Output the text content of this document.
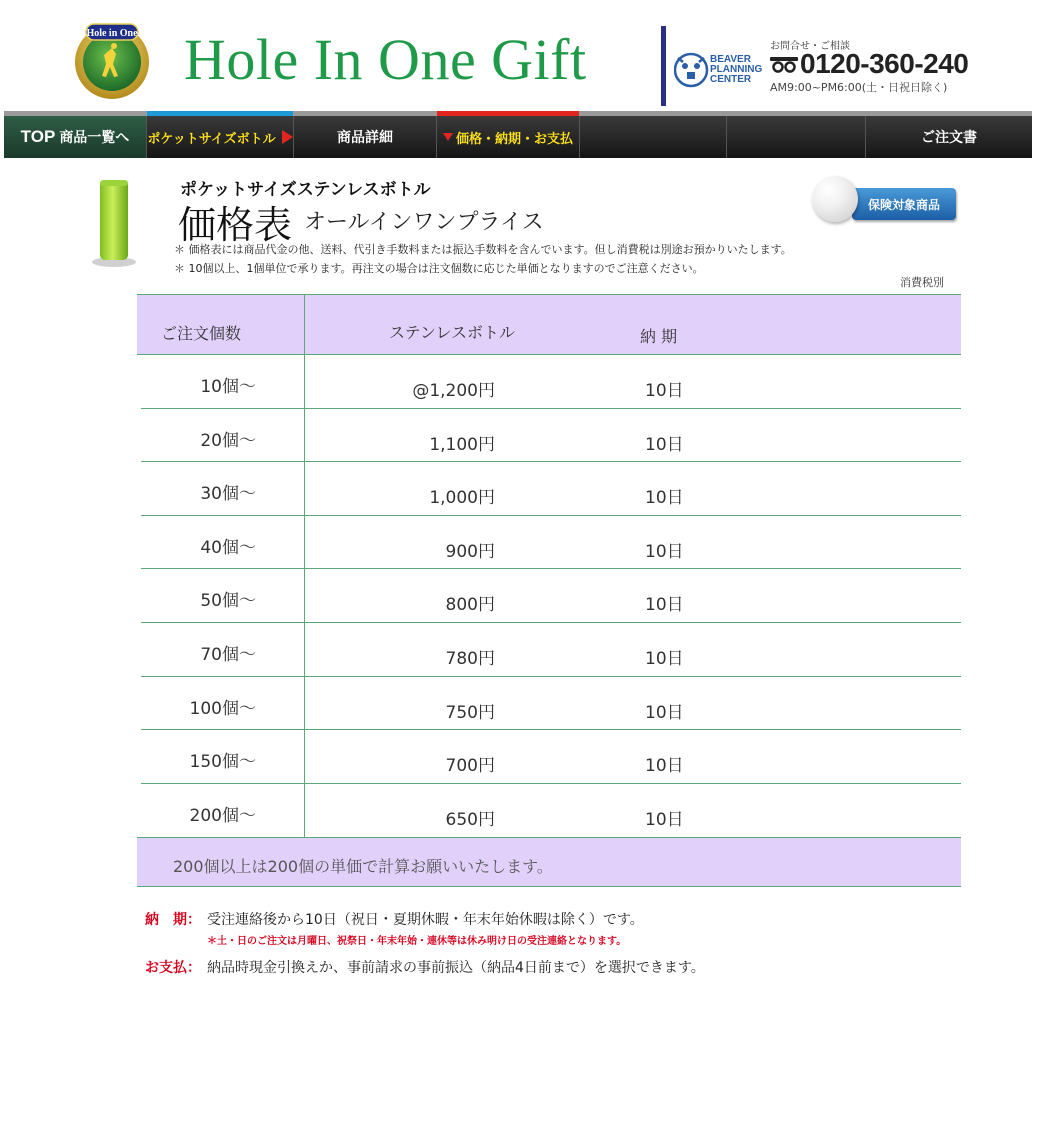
Hole in One Hole In One Gift	BEAVER
PLANNING
CENTER
お問合せ・ご相談
0120-360-240
AM9:00~PM6:00(土・日祝日除く)
TOP 商品一覧へ ポケットサイズボトル	商品詳細	価格・納期・お支払	ご注文書
ポケットサイズステンレスボトル
価格表 オールインワンプライス
保険対象商品
＊ 価格表には商品代金の他、送料、代引き手数料または振込手数料を含んでいます。但し消費税は別途お預かりいたします。
＊ 10個以上、1個単位で承ります。再注文の場合は注文個数に応じた単価となりますのでご注意ください。
消費税別
ご注文個数	ステンレスボトル	納 期
10個〜	@1,200円	10日
20個〜	1,100円	10日
30個〜	1,000円	10日
40個〜	900円	10日
50個〜	800円	10日
70個〜	780円	10日
100個〜	750円	10日
150個〜	700円	10日
200個〜	650円	10日
200個以上は200個の単価で計算お願いいたします。
納　期： 受注連絡後から10日（祝日・夏期休暇・年末年始休暇は除く）です。
＊土・日のご注文は月曜日、祝祭日・年末年始・連休等は休み明け日の受注連絡となります。
お支払： 納品時現金引換えか、事前請求の事前振込（納品4日前まで）を選択できます。
